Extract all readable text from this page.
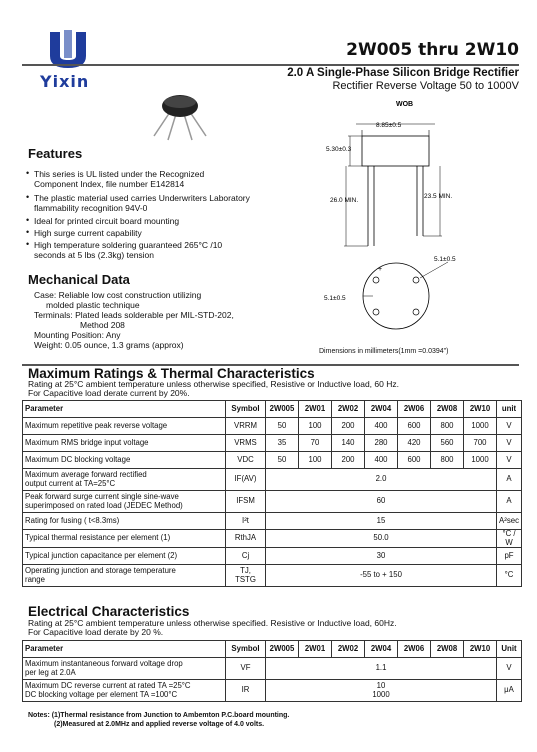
Yixin
2W005 thru 2W10
2.0 A Single-Phase Silicon Bridge Rectifier
Rectifier Reverse Voltage 50 to 1000V
Features
• This series is UL listed under the Recognized
Component Index, file number E142814
• The plastic material used carries Underwriters Laboratory
flammability recognition 94V-0
• Ideal for printed circuit board mounting
• High surge current capability
• High temperature soldering guaranteed 265°C /10
seconds at 5 lbs (2.3kg) tension
Mechanical Data
Case: Reliable low cost construction utilizing
molded plastic technique
Terminals: Plated leads solderable per MIL-STD-202,
Method 208
Mounting Position: Any
Weight: 0.05 ounce, 1.3 grams (approx)
WOB
8.85±0.5
5.30±0.3
26.0 MIN.
23.5 MIN.
+
5.1±0.5
5.1±0.5
Dimensions in millimeters(1mm =0.0394")
Maximum Ratings & Thermal Characteristics
Rating at 25°C ambient temperature unless otherwise specified, Resistive or Inductive load, 60 Hz.
For Capacitive load derate current by 20%.
Parameter	Symbol	2W005	2W01	2W02	2W04	2W06	2W08	2W10	unit
Maximum repetitive peak reverse voltage	VRRM	50	100	200	400	600	800	1000	V
Maximum RMS bridge input voltage	VRMS	35	70	140	280	420	560	700	V
Maximum DC blocking voltage	VDC	50	100	200	400	600	800	1000	V
Maximum average forward rectified
output current at TA=25°C	IF(AV)	2.0							A
Peak forward surge current single sine-wave
superimposed on rated load (JEDEC Method)	IFSM	60							A
Rating for fusing ( t<8.3ms)	I²t	15							A²sec
Typical thermal resistance per element (1)	RthJA	50.0							°C / W
Typical junction capacitance per element (2)	Cj	30							pF
Operating junction and storage temperature
range	TJ,
TSTG	-55 to + 150							°C
Electrical Characteristics
Rating at 25°C ambient temperature unless otherwise specified. Resistive or Inductive load, 60Hz.
For Capacitive load derate by 20 %.
Parameter	Symbol	2W005	2W01	2W02	2W04	2W06	2W08	2W10	Unit
Maximum instantaneous forward voltage drop
per leg at 2.0A	VF	1.1							V
Maximum DC reverse current at rated TA =25°C
DC blocking voltage per element TA =100°C	IR	10
1000							μA
Notes: (1)Thermal resistance from Junction to Ambemton P.C.board mounting.
(2)Measured at 2.0MHz and applied reverse voltage of 4.0 volts.
